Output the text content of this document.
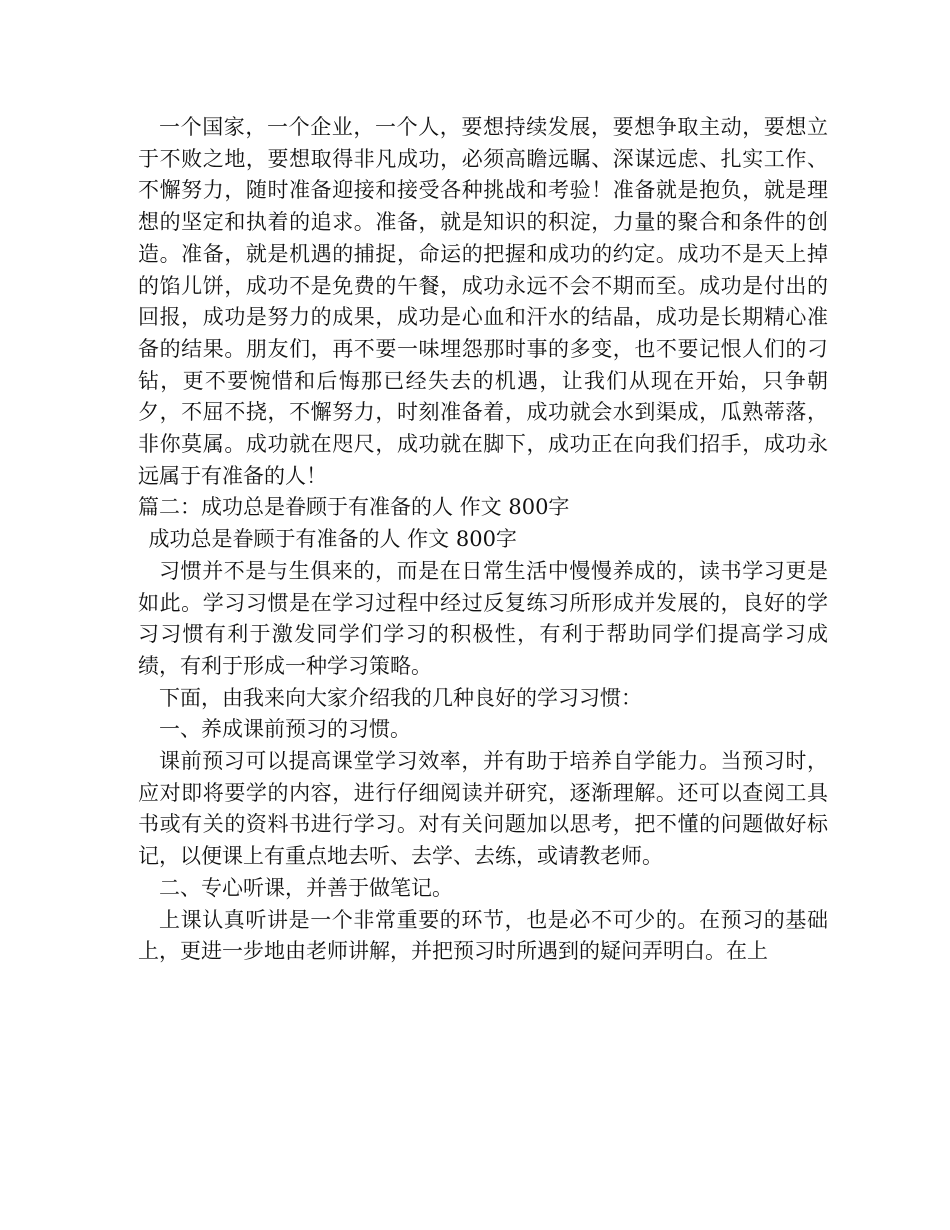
一个国家，一个企业，一个人，要想持续发展，要想争取主动，要想立于不败之地，要想取得非凡成功，必须高瞻远瞩、深谋远虑、扎实工作、不懈努力，随时准备迎接和接受各种挑战和考验！准备就是抱负，就是理想的坚定和执着的追求。准备，就是知识的积淀，力量的聚合和条件的创造。准备，就是机遇的捕捉，命运的把握和成功的约定。成功不是天上掉的馅儿饼，成功不是免费的午餐，成功永远不会不期而至。成功是付出的回报，成功是努力的成果，成功是心血和汗水的结晶，成功是长期精心准备的结果。朋友们，再不要一味埋怨那时事的多变，也不要记恨人们的刁钻，更不要惋惜和后悔那已经失去的机遇，让我们从现在开始，只争朝夕，不屈不挠，不懈努力，时刻准备着，成功就会水到渠成，瓜熟蒂落，非你莫属。成功就在咫尺，成功就在脚下，成功正在向我们招手，成功永远属于有准备的人！

篇二：成功总是眷顾于有准备的人 作文 800字

成功总是眷顾于有准备的人 作文 800字

习惯并不是与生俱来的，而是在日常生活中慢慢养成的，读书学习更是如此。学习习惯是在学习过程中经过反复练习所形成并发展的，良好的学习习惯有利于激发同学们学习的积极性，有利于帮助同学们提高学习成绩，有利于形成一种学习策略。

下面，由我来向大家介绍我的几种良好的学习习惯：

一、养成课前预习的习惯。

课前预习可以提高课堂学习效率，并有助于培养自学能力。当预习时，应对即将要学的内容，进行仔细阅读并研究，逐渐理解。还可以查阅工具书或有关的资料书进行学习。对有关问题加以思考，把不懂的问题做好标记，以便课上有重点地去听、去学、去练，或请教老师。

二、专心听课，并善于做笔记。

上课认真听讲是一个非常重要的环节，也是必不可少的。在预习的基础上，更进一步地由老师讲解，并把预习时所遇到的疑问弄明白。在上
